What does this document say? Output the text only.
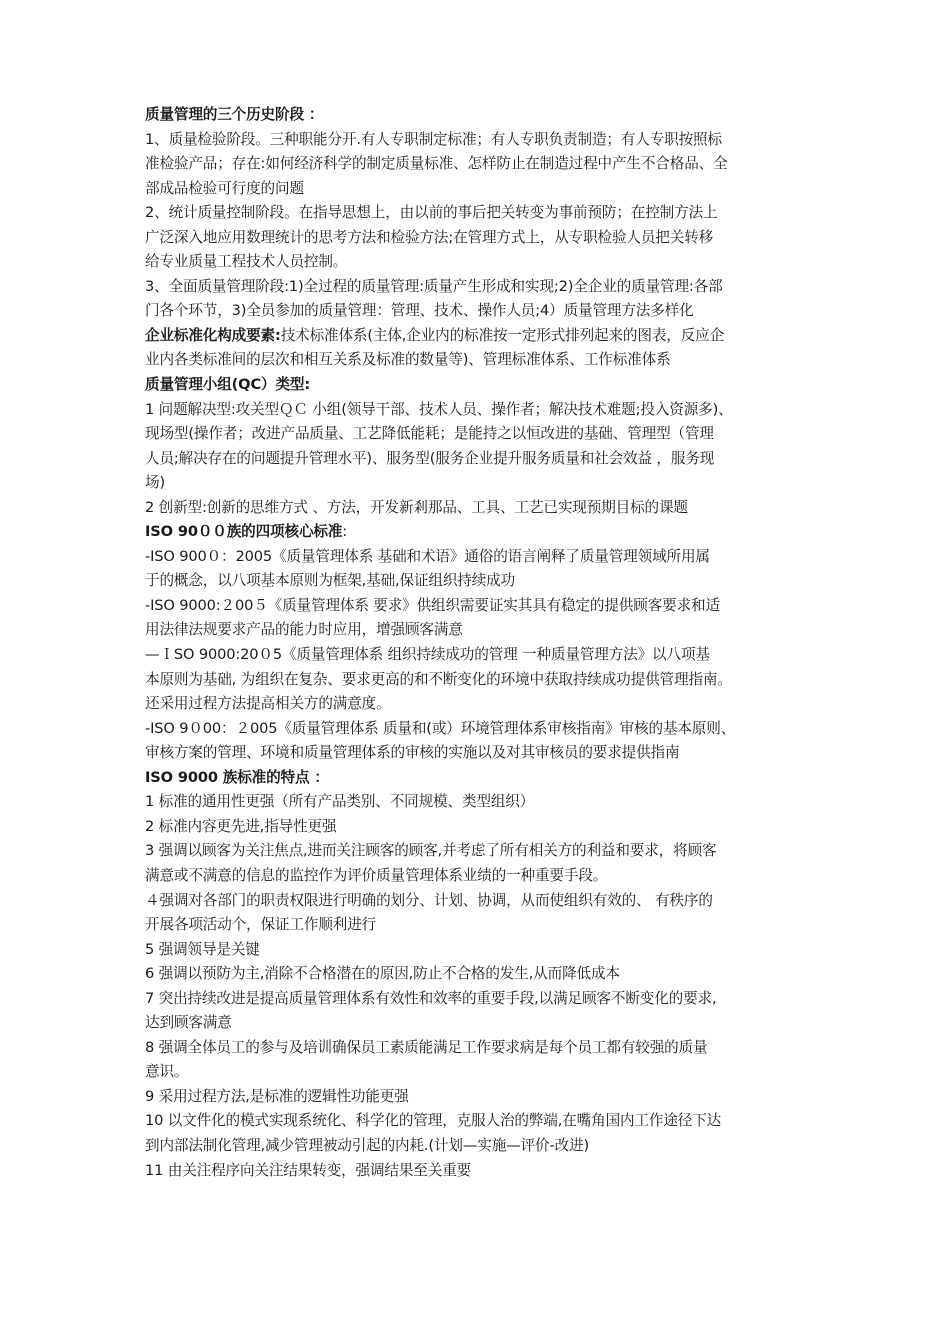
质量管理的三个历史阶段 ：
1、质量检验阶段。三种职能分开.有人专职制定标准；有人专职负责制造；有人专职按照标
准检验产品；存在:如何经济科学的制定质量标准、怎样防止在制造过程中产生不合格品、全
部成品检验可行度的问题
2、统计质量控制阶段。在指导思想上，由以前的事后把关转变为事前预防；在控制方法上
广泛深入地应用数理统计的思考方法和检验方法;在管理方式上，从专职检验人员把关转移
给专业质量工程技术人员控制。
3、全面质量管理阶段:1)全过程的质量管理:质量产生形成和实现;2)全企业的质量管理:各部
门各个环节，3)全员参加的质量管理：管理、技术、操作人员;4）质量管理方法多样化
企业标准化构成要素:技术标准体系(主体,企业内的标准按一定形式排列起来的图表，反应企
业内各类标准间的层次和相互关系及标准的数量等)、管理标准体系、工作标准体系
质量管理小组(QC）类型:
1 问题解决型:攻关型ＱＣ 小组(领导干部、技术人员、操作者；解决技术难题;投入资源多)、
现场型(操作者；改进产品质量、工艺降低能耗；是能持之以恒改进的基础、管理型（管理
人员;解决存在的问题提升管理水平)、服务型(服务企业提升服务质量和社会效益 ，服务现
场)
2 创新型:创新的思维方式 、方法，开发新剎那品、工具、工艺已实现预期目标的课题
ISO 90００族的四项核心标准:
-ISO 900０：2005《质量管理体系 基础和术语》通俗的语言阐释了质量管理领域所用属
于的概念，以八项基本原则为框架,基础,保证组织持续成功
-ISO 9000:２00５《质量管理体系 要求》供组织需要证实其具有稳定的提供顾客要求和适
用法律法规要求产品的能力时应用，增强顾客满意
—ＩSO 9000:20０5《质量管理体系 组织持续成功的管理 一种质量管理方法》以八项基
本原则为基础, 为组织在复杂、要求更高的和不断变化的环境中获取持续成功提供管理指南。
还采用过程方法提高相关方的满意度。
-ISO 9０00：２005《质量管理体系 质量和(或）环境管理体系审核指南》审核的基本原则、
审核方案的管理、环境和质量管理体系的审核的实施以及对其审核员的要求提供指南
ISO 9000 族标准的特点 ：
1 标准的通用性更强（所有产品类别、不同规模、类型组织）
2 标准内容更先进,指导性更强
3 强调以顾客为关注焦点,进而关注顾客的顾客,并考虑了所有相关方的利益和要求，将顾客
满意或不满意的信息的监控作为评价质量管理体系业绩的一种重要手段。
４强调对各部门的职责权限进行明确的划分、计划、协调，从而使组织有效的、 有秩序的
开展各项活动个，保证工作顺利进行
5 强调领导是关键
6 强调以预防为主,消除不合格潜在的原因,防止不合格的发生,从而降低成本
7 突出持续改进是提高质量管理体系有效性和效率的重要手段,以满足顾客不断变化的要求,
达到顾客满意
8 强调全体员工的参与及培训确保员工素质能满足工作要求病是每个员工都有较强的质量
意识。
9 采用过程方法,是标准的逻辑性功能更强
10 以文件化的模式实现系统化、科学化的管理，克服人治的弊端,在嘴角国内工作途径下达
到内部法制化管理,减少管理被动引起的内耗.(计划—实施—评价-改进)
11 由关注程序向关注结果转变，强调结果至关重要
